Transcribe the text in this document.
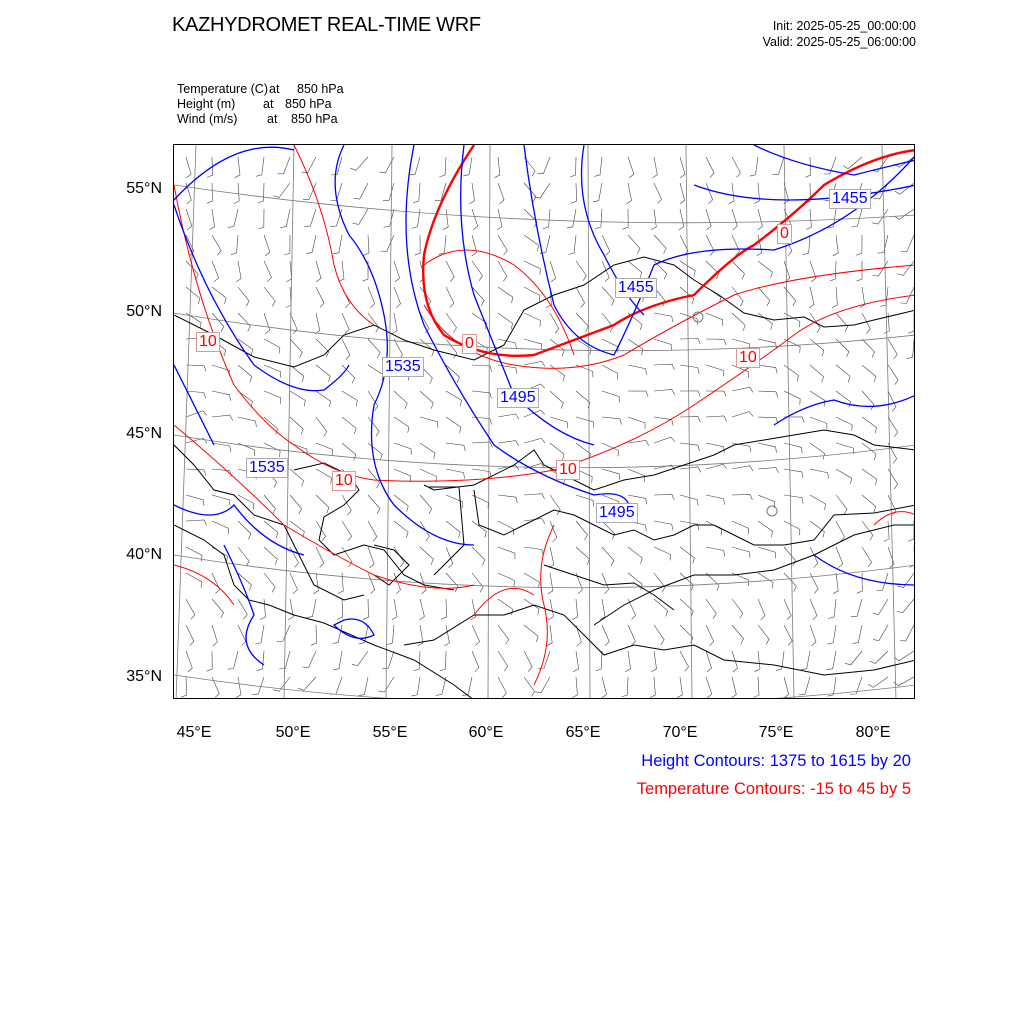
KAZHYDROMET REAL-TIME WRF	Init: 2025-05-25_00:00:00
Valid: 2025-05-25_06:00:00
Temperature (C)at 850 hPa
Height (m) at 850 hPa
Wind (m/s) at 850 hPa
1455
1455
1535
1495
1535
1495
0
0
10
10
10
10
55°N
50°N
45°N
40°N
35°N
45°E	50°E	55°E	60°E	65°E	70°E	75°E	80°E
Height Contours: 1375 to 1615 by 20
Temperature Contours: -15 to 45 by 5
